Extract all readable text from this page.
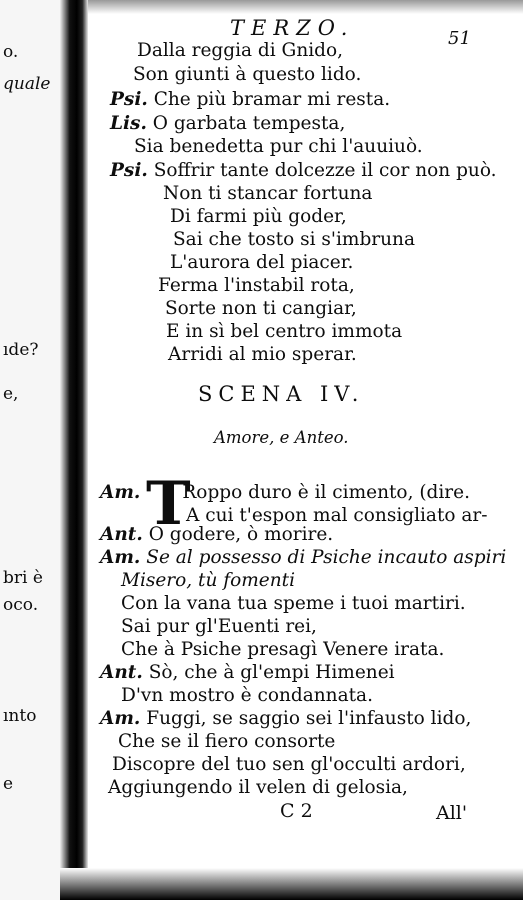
o.
quale
ıde?
e,
bri è
oco.
ınto
e
TERZO.	51
Dalla reggia di Gnido,
Son giunti à questo lido.
Psi. Che più bramar mi resta.
Lis. O garbata tempesta,
Sia benedetta pur chi l'auuiuò.
Psi. Soffrir tante dolcezze il cor non può.
Non ti stancar fortuna
Di farmi più goder,
Sai che tosto si s'imbruna
L'aurora del piacer.
Ferma l'instabil rota,
Sorte non ti cangiar,
E in sì bel centro immota
Arridi al mio sperar.
SCENA IV.
Amore, e Anteo.
T
Am. Roppo duro è il cimento, (dire.
A cui t'espon mal consigliato ar-
Ant. O godere, ò morire.
Am. Se al possesso di Psiche incauto aspiri
Misero, tù fomenti
Con la vana tua speme i tuoi martiri.
Sai pur gl'Euenti rei,
Che à Psiche presagì Venere irata.
Ant. Sò, che à gl'empi Himenei
D'vn mostro è condannata.
Am. Fuggi, se saggio sei l'infausto lido,
Che se il fiero consorte
Discopre del tuo sen gl'occulti ardori,
Aggiungendo il velen di gelosia,
C 2	All'
